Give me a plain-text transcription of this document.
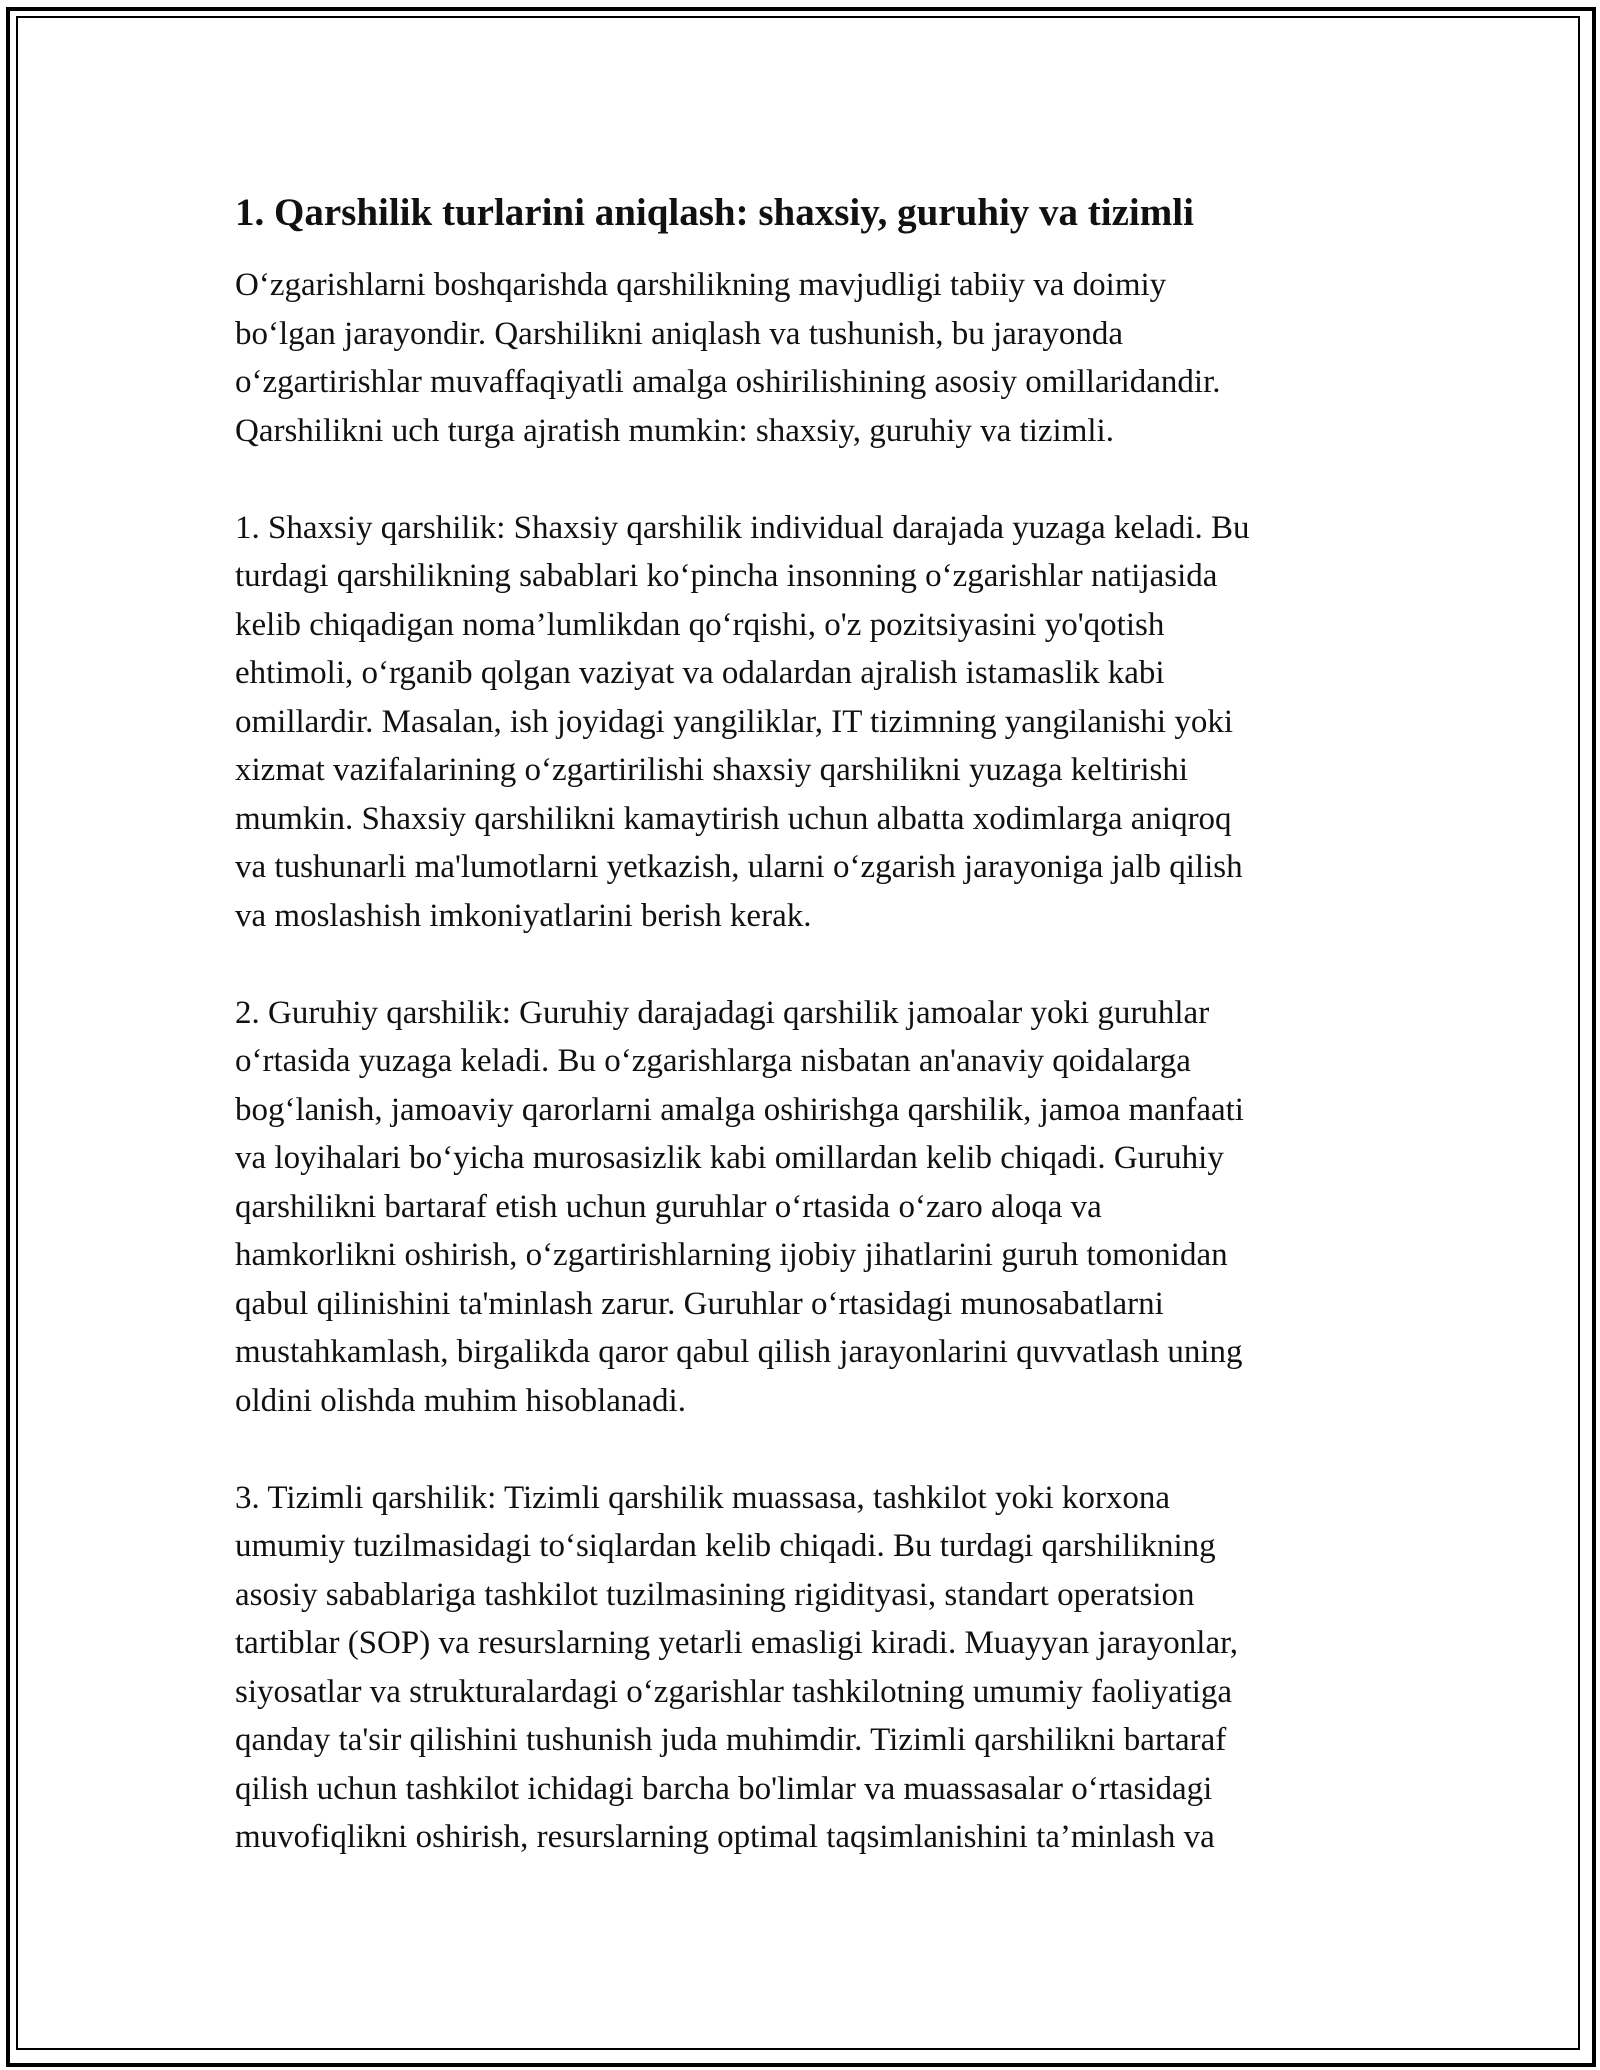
1. Qarshilik turlarini aniqlash: shaxsiy, guruhiy va tizimli
O‘zgarishlarni boshqarishda qarshilikning mavjudligi tabiiy va doimiy
bo‘lgan jarayondir. Qarshilikni aniqlash va tushunish, bu jarayonda
o‘zgartirishlar muvaffaqiyatli amalga oshirilishining asosiy omillaridandir.
Qarshilikni uch turga ajratish mumkin: shaxsiy, guruhiy va tizimli.
1. Shaxsiy qarshilik: Shaxsiy qarshilik individual darajada yuzaga keladi. Bu
turdagi qarshilikning sabablari ko‘pincha insonning o‘zgarishlar natijasida
kelib chiqadigan noma’lumlikdan qo‘rqishi, o'z pozitsiyasini yo'qotish
ehtimoli, o‘rganib qolgan vaziyat va odalardan ajralish istamaslik kabi
omillardir. Masalan, ish joyidagi yangiliklar, IT tizimning yangilanishi yoki
xizmat vazifalarining o‘zgartirilishi shaxsiy qarshilikni yuzaga keltirishi
mumkin. Shaxsiy qarshilikni kamaytirish uchun albatta xodimlarga aniqroq
va tushunarli ma'lumotlarni yetkazish, ularni o‘zgarish jarayoniga jalb qilish
va moslashish imkoniyatlarini berish kerak.
2. Guruhiy qarshilik: Guruhiy darajadagi qarshilik jamoalar yoki guruhlar
o‘rtasida yuzaga keladi. Bu o‘zgarishlarga nisbatan an'anaviy qoidalarga
bog‘lanish, jamoaviy qarorlarni amalga oshirishga qarshilik, jamoa manfaati
va loyihalari bo‘yicha murosasizlik kabi omillardan kelib chiqadi. Guruhiy
qarshilikni bartaraf etish uchun guruhlar o‘rtasida o‘zaro aloqa va
hamkorlikni oshirish, o‘zgartirishlarning ijobiy jihatlarini guruh tomonidan
qabul qilinishini ta'minlash zarur. Guruhlar o‘rtasidagi munosabatlarni
mustahkamlash, birgalikda qaror qabul qilish jarayonlarini quvvatlash uning
oldini olishda muhim hisoblanadi.
3. Tizimli qarshilik: Tizimli qarshilik muassasa, tashkilot yoki korxona
umumiy tuzilmasidagi to‘siqlardan kelib chiqadi. Bu turdagi qarshilikning
asosiy sabablariga tashkilot tuzilmasining rigidityasi, standart operatsion
tartiblar (SOP) va resurslarning yetarli emasligi kiradi. Muayyan jarayonlar,
siyosatlar va strukturalardagi o‘zgarishlar tashkilotning umumiy faoliyatiga
qanday ta'sir qilishini tushunish juda muhimdir. Tizimli qarshilikni bartaraf
qilish uchun tashkilot ichidagi barcha bo'limlar va muassasalar o‘rtasidagi
muvofiqlikni oshirish, resurslarning optimal taqsimlanishini ta’minlash va
